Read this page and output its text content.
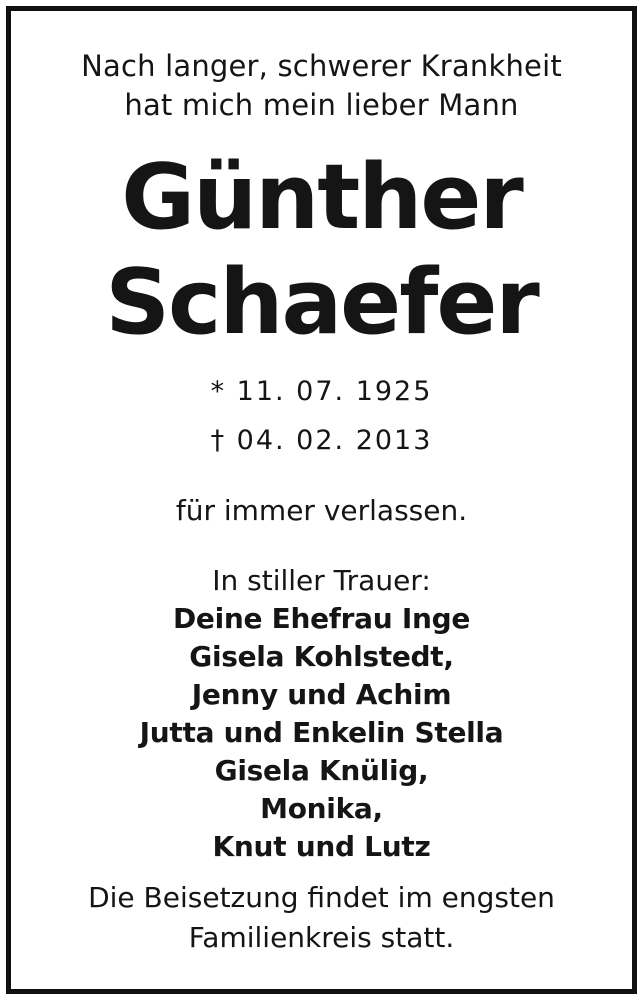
Nach langer, schwerer Krankheit
hat mich mein lieber Mann
Günther
Schaefer
* 11. 07. 1925
† 04. 02. 2013
für immer verlassen.
In stiller Trauer:
Deine Ehefrau Inge
Gisela Kohlstedt,
Jenny und Achim
Jutta und Enkelin Stella
Gisela Knülig,
Monika,
Knut und Lutz
Die Beisetzung findet im engsten
Familienkreis statt.
